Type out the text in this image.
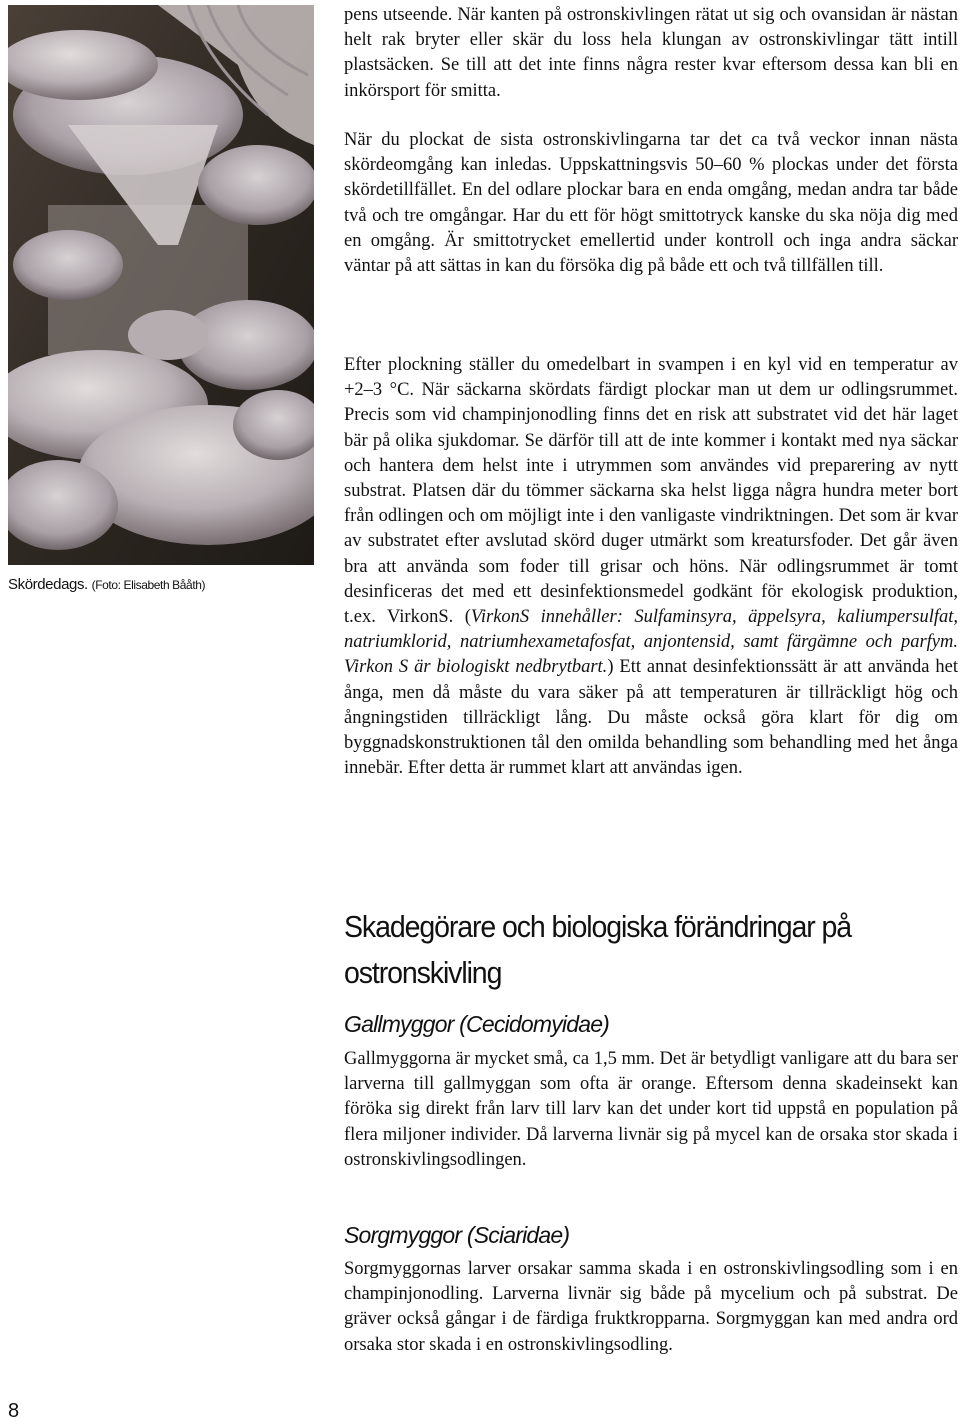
Skördedags. (Foto: Elisabeth Bååth)

pens utseende. När kanten på ostronskivlingen rätat ut sig och ovansidan är nästan helt rak bryter eller skär du loss hela klungan av ostronskivlingar tätt intill plastsäcken. Se till att det inte finns några rester kvar eftersom dessa kan bli en inkörsport för smitta.

När du plockat de sista ostronskivlingarna tar det ca två veckor innan nästa skördeomgång kan inledas. Uppskattningsvis 50–60 % plockas under det första skördetillfället. En del odlare plockar bara en enda omgång, medan andra tar både två och tre omgångar. Har du ett för högt smittotryck kanske du ska nöja dig med en omgång. Är smittotrycket emellertid under kontroll och inga andra säckar väntar på att sättas in kan du försöka dig på både ett och två tillfällen till.

Efter plockning ställer du omedelbart in svampen i en kyl vid en temperatur av +2–3 °C. När säckarna skördats färdigt plockar man ut dem ur odlingsrummet. Precis som vid champinjonodling finns det en risk att substratet vid det här laget bär på olika sjukdomar. Se därför till att de inte kommer i kontakt med nya säckar och hantera dem helst inte i utrymmen som användes vid preparering av nytt substrat. Platsen där du tömmer säckarna ska helst ligga några hundra meter bort från odlingen och om möjligt inte i den vanligaste vindriktningen. Det som är kvar av substratet efter avslutad skörd duger utmärkt som kreatursfoder. Det går även bra att använda som foder till grisar och höns. När odlingsrummet är tomt desinficeras det med ett desinfektionsmedel godkänt för ekologisk produktion, t.ex. VirkonS. (VirkonS innehåller: Sulfaminsyra, äppelsyra, kaliumpersulfat, natriumklorid, natriumhexametafosfat, anjontensid, samt färgämne och parfym. Virkon S är biologiskt nedbrytbart.) Ett annat desinfektionssätt är att använda het ånga, men då måste du vara säker på att temperaturen är tillräckligt hög och ångningstiden tillräckligt lång. Du måste också göra klart för dig om byggnadskonstruktionen tål den omilda behandling som behandling med het ånga innebär. Efter detta är rummet klart att användas igen.

Skadegörare och biologiska förändringar på ostronskivling
Gallmyggor (Cecidomyidae)

Gallmyggorna är mycket små, ca 1,5 mm. Det är betydligt vanligare att du bara ser larverna till gallmyggan som ofta är orange. Eftersom denna skadeinsekt kan föröka sig direkt från larv till larv kan det under kort tid uppstå en population på flera miljoner individer. Då larverna livnär sig på mycel kan de orsaka stor skada i ostronskivlingsodlingen.

Sorgmyggor (Sciaridae)

Sorgmyggornas larver orsakar samma skada i en ostronskivlingsodling som i en champinjonodling. Larverna livnär sig både på mycelium och på substrat. De gräver också gångar i de färdiga fruktkropparna. Sorgmyggan kan med andra ord orsaka stor skada i en ostronskivlingsodling.

8
